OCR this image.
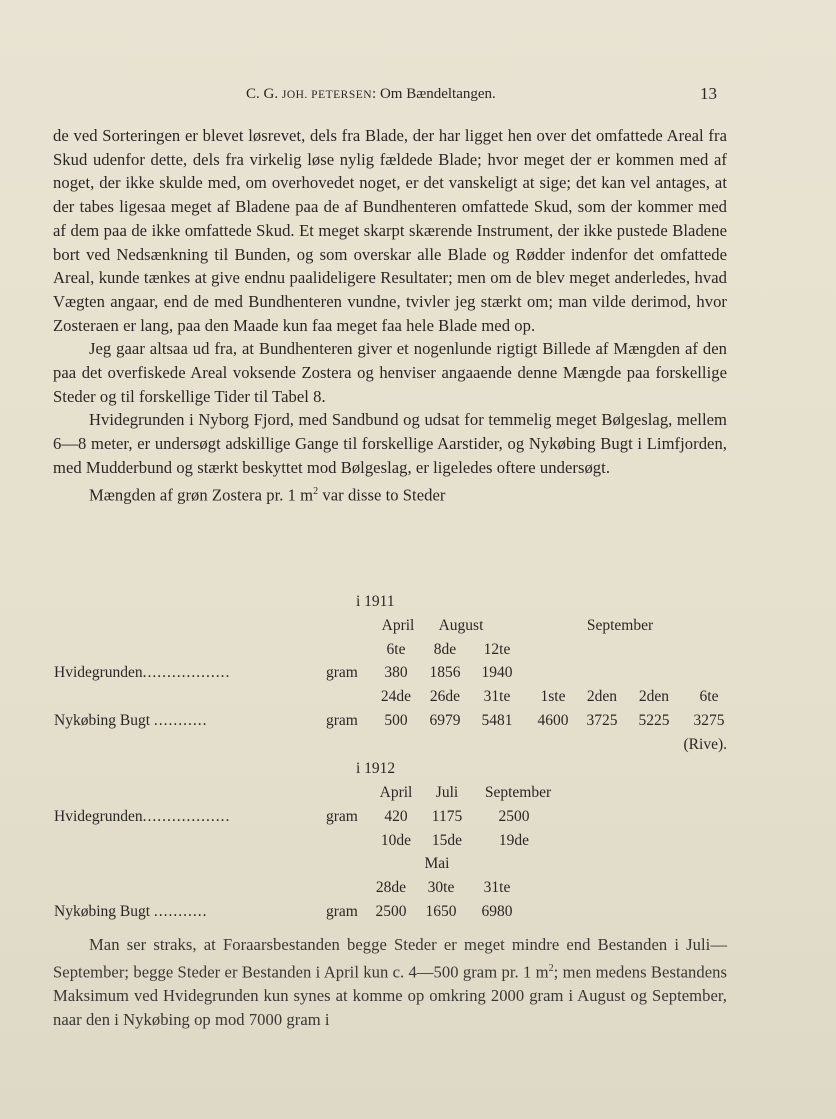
C. G. JOH. PETERSEN: Om Bændeltangen.	13

de ved Sorteringen er blevet løsrevet, dels fra Blade, der har ligget hen over det omfattede Areal fra Skud udenfor dette, dels fra virkelig løse nylig fældede Blade; hvor meget der er kommen med af noget, der ikke skulde med, om overhovedet noget, er det vanskeligt at sige; det kan vel antages, at der tabes ligesaa meget af Bladene paa de af Bundhenteren omfattede Skud, som der kommer med af dem paa de ikke omfattede Skud. Et meget skarpt skærende Instrument, der ikke pustede Bladene bort ved Nedsænkning til Bunden, og som overskar alle Blade og Rødder indenfor det omfattede Areal, kunde tænkes at give endnu paalideligere Resultater; men om de blev meget anderledes, hvad Vægten angaar, end de med Bundhenteren vundne, tvivler jeg stærkt om; man vilde derimod, hvor Zosteraen er lang, paa den Maade kun faa meget faa hele Blade med op.

Jeg gaar altsaa ud fra, at Bundhenteren giver et nogenlunde rigtigt Billede af Mængden af den paa det overfiskede Areal voksende Zostera og henviser angaaende denne Mængde paa forskellige Steder og til forskellige Tider til Tabel 8.

Hvidegrunden i Nyborg Fjord, med Sandbund og udsat for temmelig meget Bølgeslag, mellem 6—8 meter, er undersøgt adskillige Gange til forskellige Aarstider, og Nykøbing Bugt i Limfjorden, med Mudderbund og stærkt beskyttet mod Bølgeslag, er ligeledes oftere undersøgt.

Mængden af grøn Zostera pr. 1 $m^2$ var disse to Steder

i 1911
April August	September
6te 8de 12te
Hvidegrunden..................	gram 380 1856 1940
24de 26de 31te 1ste 2den 2den 6te
Nykøbing Bugt ...........	gram 500 6979 5481 4600 3725 5225 3275
(Rive).
i 1912
April Juli September
Hvidegrunden..................	gram 420 1175 2500
10de 15de 19de
Mai
28de 30te 31te
Nykøbing Bugt ...........	gram 2500 1650 6980

Man ser straks, at Foraarsbestanden begge Steder er meget mindre end Bestanden i Juli—September; begge Steder er Bestanden i April kun c. 4—500 gram pr. 1 $m^2$; men medens Bestandens Maksimum ved Hvidegrunden kun synes at komme op omkring 2000 gram i August og September, naar den i Nykøbing op mod 7000 gram i
